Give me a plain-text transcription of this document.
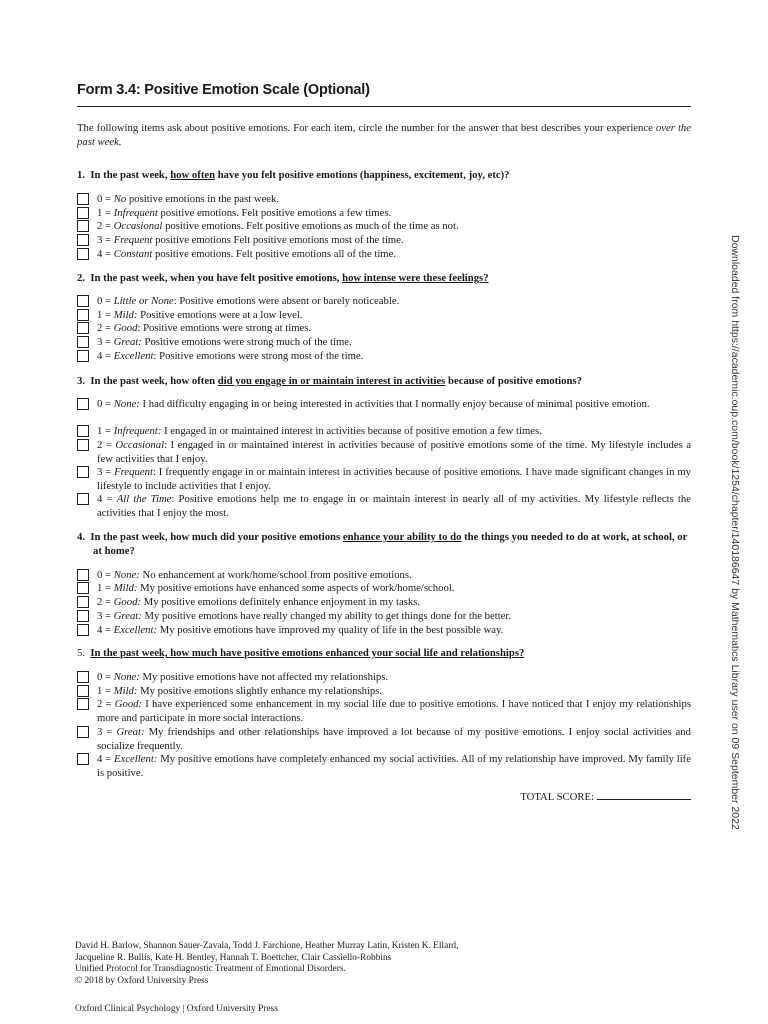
Form 3.4: Positive Emotion Scale (Optional)
The following items ask about positive emotions. For each item, circle the number for the answer that best describes your experience over the past week.
1. In the past week, how often have you felt positive emotions (happiness, excitement, joy, etc)?
0 = No positive emotions in the past week.
1 = Infrequent positive emotions. Felt positive emotions a few times.
2 = Occasional positive emotions. Felt positive emotions as much of the time as not.
3 = Frequent positive emotions Felt positive emotions most of the time.
4 = Constant positive emotions. Felt positive emotions all of the time.
2. In the past week, when you have felt positive emotions, how intense were these feelings?
0 = Little or None: Positive emotions were absent or barely noticeable.
1 = Mild: Positive emotions were at a low level.
2 = Good: Positive emotions were strong at times.
3 = Great: Positive emotions were strong much of the time.
4 = Excellent: Positive emotions were strong most of the time.
3. In the past week, how often did you engage in or maintain interest in activities because of positive emotions?
0 = None: I had difficulty engaging in or being interested in activities that I normally enjoy because of minimal positive emotion.
1 = Infrequent: I engaged in or maintained interest in activities because of positive emotion a few times.
2 = Occasional: I engaged in or maintained interest in activities because of positive emotions some of the time. My lifestyle includes a few activities that I enjoy.
3 = Frequent: I frequently engage in or maintain interest in activities because of positive emotions. I have made significant changes in my lifestyle to include activities that I enjoy.
4 = All the Time: Positive emotions help me to engage in or maintain interest in nearly all of my activities. My lifestyle reflects the activities that I enjoy the most.
4. In the past week, how much did your positive emotions enhance your ability to do the things you needed to do at work, at school, or at home?
0 = None: No enhancement at work/home/school from positive emotions.
1 = Mild: My positive emotions have enhanced some aspects of work/home/school.
2 = Good: My positive emotions definitely enhance enjoyment in my tasks.
3 = Great: My positive emotions have really changed my ability to get things done for the better.
4 = Excellent: My positive emotions have improved my quality of life in the best possible way.
5. In the past week, how much have positive emotions enhanced your social life and relationships?
0 = None: My positive emotions have not affected my relationships.
1 = Mild: My positive emotions slightly enhance my relationships.
2 = Good: I have experienced some enhancement in my social life due to positive emotions. I have noticed that I enjoy my relationships more and participate in more social interactions.
3 = Great: My friendships and other relationships have improved a lot because of my positive emotions. I enjoy social activities and socialize frequently.
4 = Excellent: My positive emotions have completely enhanced my social activities. All of my relationship have improved. My family life is positive.
TOTAL SCORE:	Downloaded from https://academic.oup.com/book/1254/chapter/140186647 by Mathematics Library user on 09 September 2022
David H. Barlow, Shannon Sauer-Zavala, Todd J. Farchione, Heather Murray Latin, Kristen K. Ellard,
Jacqueline R. Bullis, Kate H. Bentley, Hannah T. Boettcher, Clair Cassiello-Robbins
Unified Protocol for Transdiagnostic Treatment of Emotional Disorders.
© 2018 by Oxford University Press
Oxford Clinical Psychology | Oxford University Press
